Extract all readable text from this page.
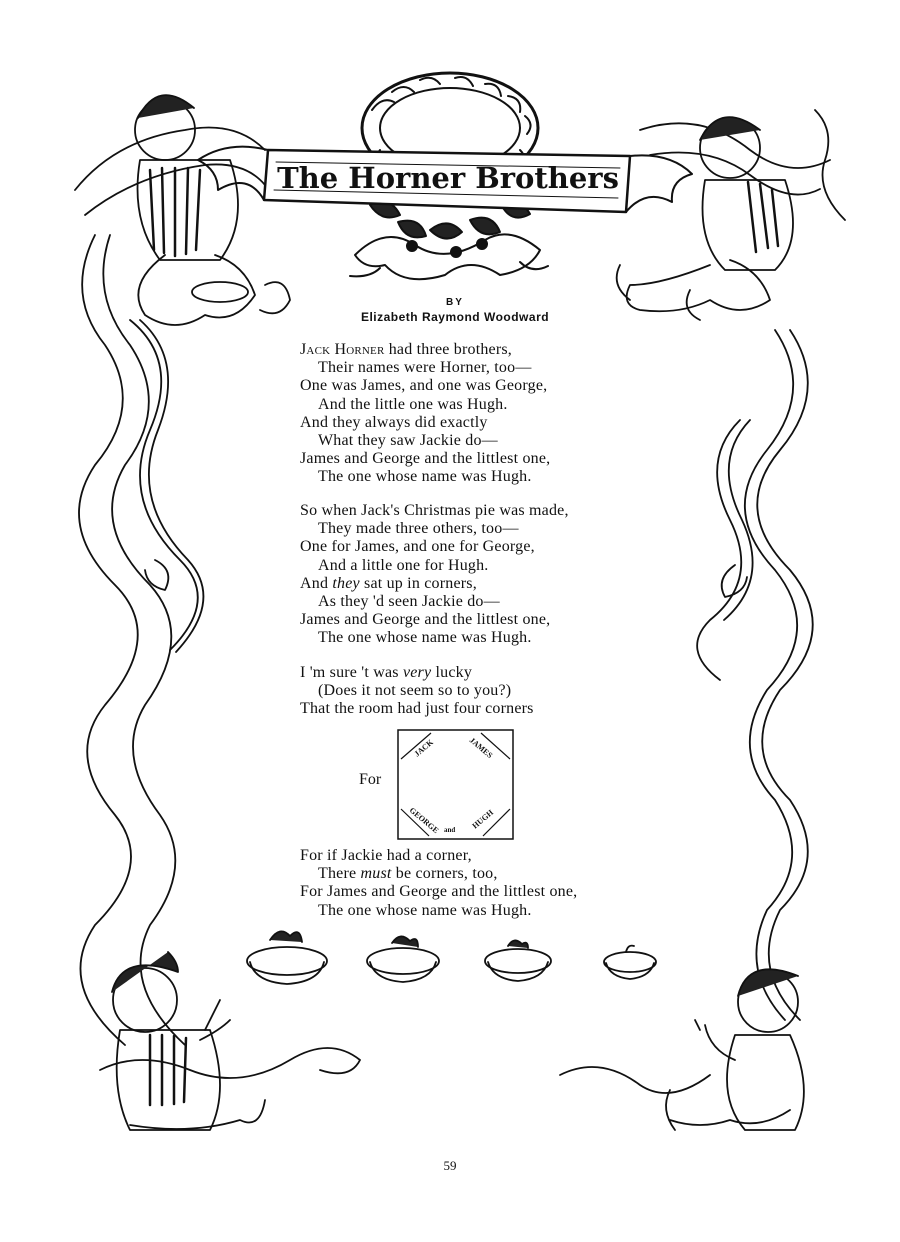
The Horner Brothers
BY
Elizabeth Raymond Woodward
Jack Horner had three brothers,
Their names were Horner, too—
One was James, and one was George,
And the little one was Hugh.
And they always did exactly
What they saw Jackie do—
James and George and the littlest one,
The one whose name was Hugh.
So when Jack's Christmas pie was made,
They made three others, too—
One for James, and one for George,
And a little one for Hugh.
And they sat up in corners,
As they 'd seen Jackie do—
James and George and the littlest one,
The one whose name was Hugh.
I 'm sure 't was very lucky
(Does it not seem so to you?)
That the room had just four corners
For
JACK	JAMES
GEORGE and HUGH
For if Jackie had a corner,
There must be corners, too,
For James and George and the littlest one,
The one whose name was Hugh.
59
